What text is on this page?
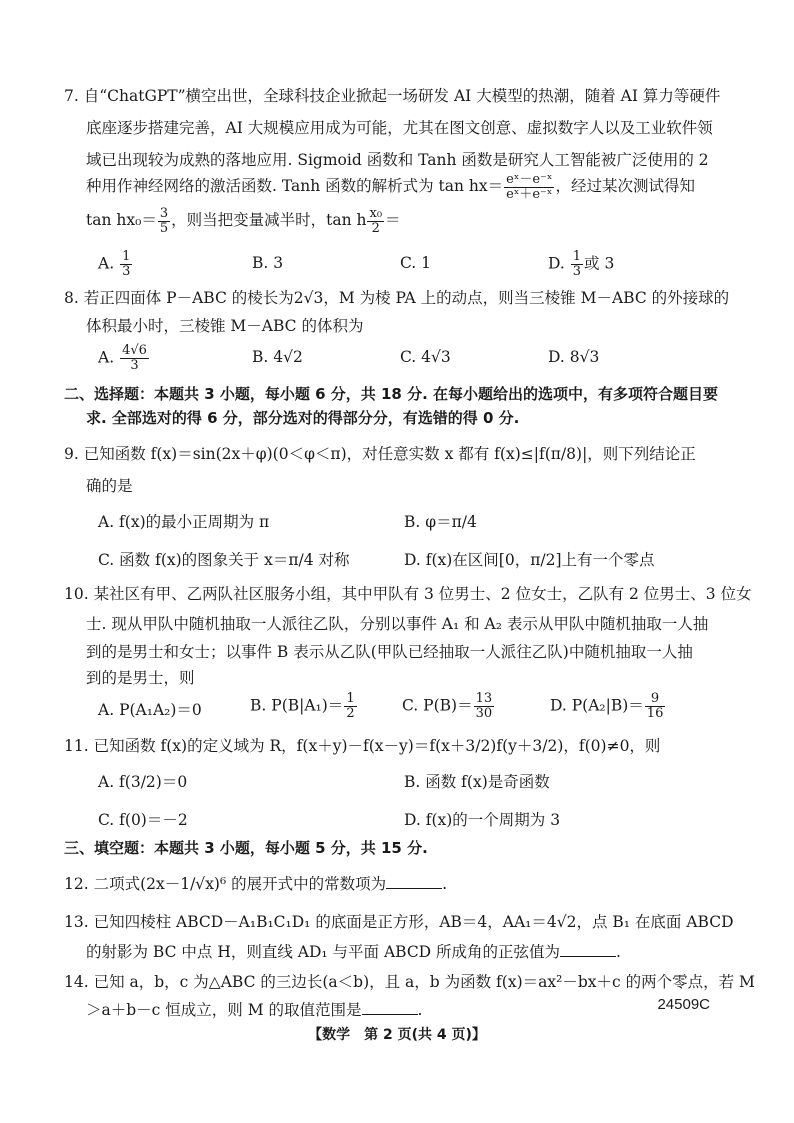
7. 自“ChatGPT”横空出世，全球科技企业掀起一场研发 AI 大模型的热潮，随着 AI 算力等硬件
底座逐步搭建完善，AI 大规模应用成为可能，尤其在图文创意、虚拟数字人以及工业软件领
域已出现较为成熟的落地应用. Sigmoid 函数和 Tanh 函数是研究人工智能被广泛使用的 2
种用作神经网络的激活函数. Tanh 函数的解析式为 $\tan hx= \frac{\text{eˣ－e⁻ˣ}}{\text{eˣ＋e⁻ˣ}}$ ，经过某次测试得知
$\tan hx_0= \frac{3}{5}$ ，则当把变量减半时，tan h $\frac{\text{x₀}}{2}$ ＝
A. $\frac{1}{3}$	B. 3	C. 1	D. $\frac{1}{3}$ 或 3
8. 若正四面体 P－ABC 的棱长为2√3，M 为棱 PA 上的动点，则当三棱锥 M－ABC 的外接球的
体积最小时，三棱锥 M－ABC 的体积为
A. $\frac{4√6}{3}$	B. 4√2	C. 4√3	D. 8√3
二、选择题：本题共 3 小题，每小题 6 分，共 18 分. 在每小题给出的选项中，有多项符合题目要
求. 全部选对的得 6 分，部分选对的得部分分，有选错的得 0 分.
9. 已知函数 f(x)＝sin(2x＋φ)(0＜φ＜π)，对任意实数 x 都有 f(x)≤|f(π/8)|，则下列结论正
确的是
A. f(x)的最小正周期为 π	B. φ＝π/4
C. 函数 f(x)的图象关于 x＝π/4 对称	D. f(x)在区间[0，π/2]上有一个零点
10. 某社区有甲、乙两队社区服务小组，其中甲队有 3 位男士、2 位女士，乙队有 2 位男士、3 位女
士. 现从甲队中随机抽取一人派往乙队，分别以事件 A₁ 和 A₂ 表示从甲队中随机抽取一人抽
到的是男士和女士；以事件 B 表示从乙队(甲队已经抽取一人派往乙队)中随机抽取一人抽
到的是男士，则
A. P(A₁A₂)＝0	B. $P(B|A_1)= \frac{1}{2}$	C. $P(B)= \frac{13}{30}$	D. $P(A_2|B)= \frac{9}{16}$
11. 已知函数 f(x)的定义域为 R，f(x＋y)－f(x－y)＝f(x＋3/2)f(y＋3/2)，f(0)≠0，则
A. f(3/2)＝0	B. 函数 f(x)是奇函数
C. f(0)＝－2	D. f(x)的一个周期为 3
三、填空题：本题共 3 小题，每小题 5 分，共 15 分.
12. 二项式(2x－1/√x)⁶ 的展开式中的常数项为	.
13. 已知四棱柱 ABCD－A₁B₁C₁D₁ 的底面是正方形，AB＝4，AA₁＝4√2，点 B₁ 在底面 ABCD
的射影为 BC 中点 H，则直线 AD₁ 与平面 ABCD 所成角的正弦值为	.
14. 已知 a，b，c 为△ABC 的三边长(a＜b)，且 a，b 为函数 f(x)＝ax²－bx＋c 的两个零点，若 M
＞a＋b－c 恒成立，则 M 的取值范围是	.	24509C
【数学　第 2 页(共 4 页)】
